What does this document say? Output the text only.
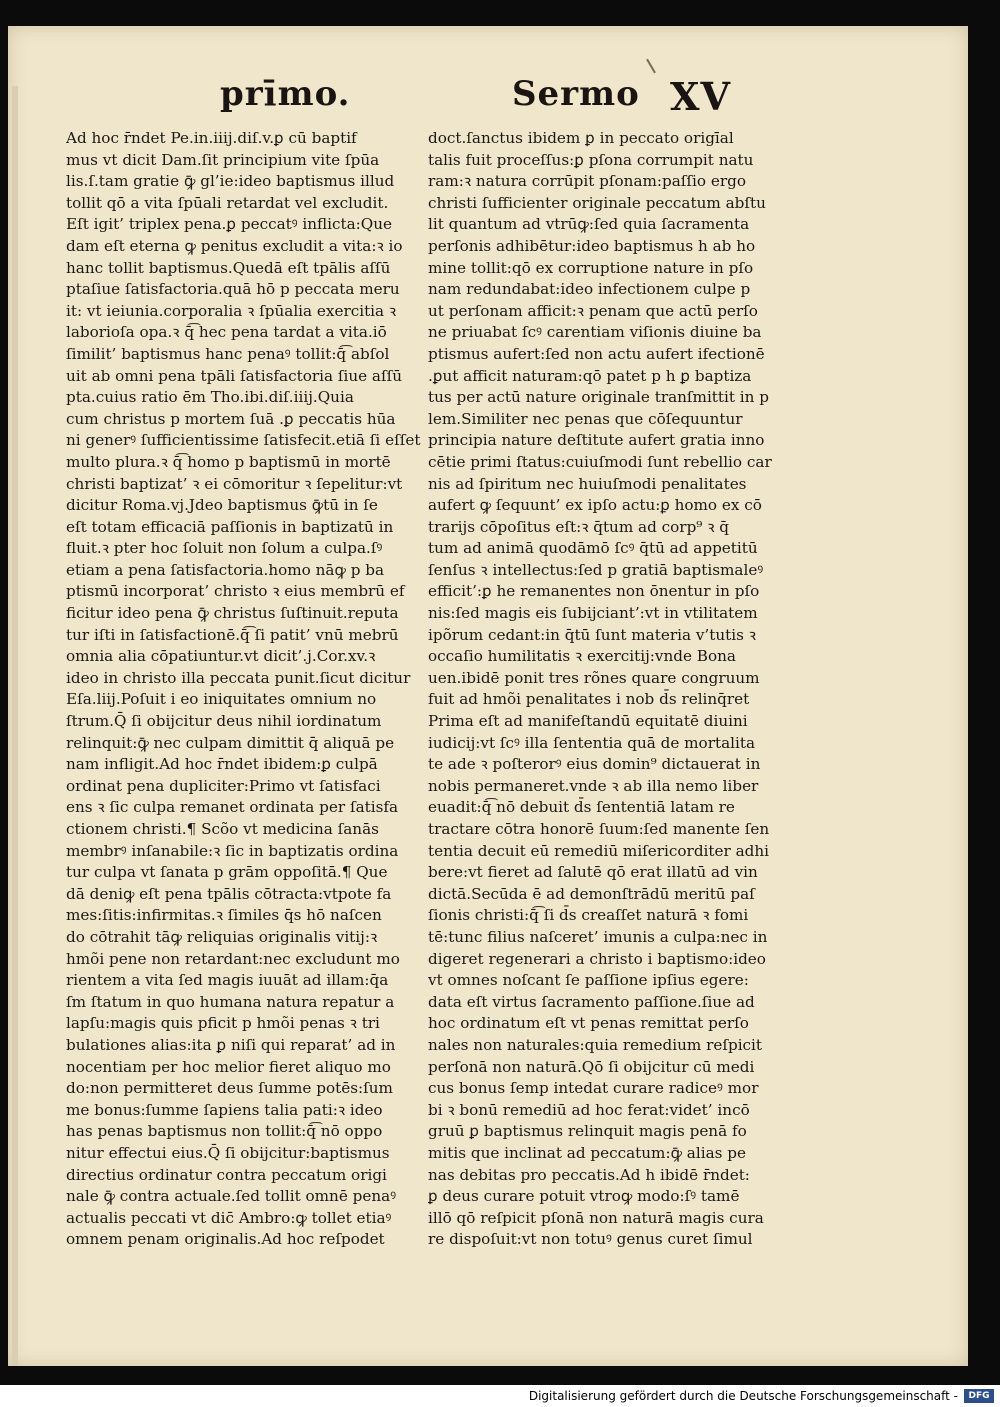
prīmo.	Sermo XV
Ad hoc r̄ndet Pe.in.iiij.diſ.v.ꝑ cū baptif
mus vt dicit Dam.ſit principium vite ſpūa
lis.ſ.tam gratie ꝙ̄ gl’ie:ideo baptismus illud
tollit qō a vita ſpūali retardat vel excludit.
Eſt igit’ triplex pena.ꝑ peccatꝰ inflicta:Que
dam eſt eterna ꝙ penitus excludit a vita:ꝛ io
hanc tollit baptismus.Quedā eſt tpālis aſſū
ptaſiue ſatisfactoria.quā hō p peccata meru
it: vt ieiunia.corporalia ꝛ ſpūalia exercitia ꝛ
laborioſa opa.ꝛ q̄͡ hec pena tardat a vita.iō
ſimilit’ baptismus hanc penaꝰ tollit:q̄͡ abſol
uit ab omni pena tpāli ſatisfactoria ſiue aſſū
pta.cuius ratio ēm Tho.ibi.diſ.iiij.Quia
cum christus p mortem ſuā .ꝑ peccatis hūa
ni generꝰ ſufficientissime ſatisfecit.etiā ſi eſſet
multo plura.ꝛ q̄͡ homo p baptismū in mortē
christi baptizat’ ꝛ ei cōmoritur ꝛ ſepelitur:vt
dicitur Roma.vj.Jdeo baptismus ꝙ̄tū in ſe
eſt totam efficaciā paſſionis in baptizatū in
fluit.ꝛ pter hoc ſoluit non ſolum a culpa.ſꝰ
etiam a pena ſatisfactoria.homo nāꝙ p ba
ptismū incorporat’ christo ꝛ eius membrū ef
ficitur ideo pena ꝙ̄ christus ſuſtinuit.reputa
tur iſti in ſatisfactionē.q̄͡ ſi patit’ vnū mebrū
omnia alia cōpatiuntur.vt dicit’.j.Cor.xv.ꝛ
ideo in christo illa peccata punit.ſicut dicitur
Eſa.liij.Poſuit i eo iniquitates omnium no
ſtrum.Q̄ ſi obijcitur deus nihil iordinatum
relinquit:ꝙ̄ nec culpam dimittit q̄̄ aliquā pe
nam infligit.Ad hoc r̄ndet ibidem:ꝑ culpā
ordinat pena dupliciter:Primo vt ſatisfaci
ens ꝛ ſic culpa remanet ordinata per ſatisfa
ctionem christi.¶ Scõo vt medicina ſanās
membrꝰ inſanabile:ꝛ ſic in baptizatis ordina
tur culpa vt ſanata p grām oppoſitā.¶ Que
dā deniꝙ eſt pena tpālis cōtracta:vtpote fa
mes:ſitis:infirmitas.ꝛ ſimiles q̄s hō naſcen
do cōtrahit tāꝙ reliquias originalis vitij:ꝛ
hmõi pene non retardant:nec excludunt mo
rientem a vita ſed magis iuuāt ad illam:q̄a
ſm ſtatum in quo humana natura repatur a
lapſu:magis quis pficit p hmõi penas ꝛ tri
bulationes alias:ita ꝑ niſi qui reparat’ ad in
nocentiam per hoc melior fieret aliquo mo
do:non permitteret deus ſumme potēs:ſum
me bonus:ſumme ſapiens talia pati:ꝛ ideo
has penas baptismus non tollit:q̄͡ nō oppo
nitur effectui eius.Q̄ ſi obijcitur:baptismus
directius ordinatur contra peccatum origi
nale ꝙ̄ contra actuale.ſed tollit omnē penaꝰ
actualis peccati vt dic̄ Ambro:ꝙ tollet etiaꝰ
omnem penam originalis.Ad hoc reſpodet
doct.ſanctus ibidem ꝑ in peccato origīal
talis fuit proceſſus:ꝑ pſona corrumpit natu
ram:ꝛ natura corrūpit pſonam:paſſio ergo
christi ſufficienter originale peccatum abſtu
lit quantum ad vtrūꝙ:ſed quia ſacramenta
perſonis adhibētur:ideo baptismus h ab ho
mine tollit:qō ex corruptione nature in pſo
nam redundabat:ideo infectionem culpe p
ut perſonam afficit:ꝛ penam que actū perſo
ne priuabat ſcꝰ carentiam viſionis diuine ba
ptismus aufert:ſed non actu aufert ifectionē
.ꝑut afficit naturam:qō patet p h ꝑ baptiza
tus per actū nature originale tranſmittit in p
lem.Similiter nec penas que cōſequuntur
principia nature deſtitute aufert gratia inno
cētie primi ſtatus:cuiuſmodi ſunt rebellio car
nis ad ſpiritum nec huiuſmodi penalitates
aufert ꝙ ſequunt’ ex ipſo actu:ꝑ homo ex cō
trarijs cōpoſitus eſt:ꝛ q̄tum ad corp⁹ ꝛ q̄
tum ad animā quodāmō ſcꝰ q̄tū ad appetitū
ſenſus ꝛ intellectus:ſed p gratiā baptismaleꝰ
efficit’:ꝑ he remanentes non ōnentur in pſo
nis:ſed magis eis ſubijciant’:vt in vtilitatem
ipõrum cedant:in q̄tū ſunt materia v’tutis ꝛ
occaſio humilitatis ꝛ exercitij:vnde Bona
uen.ibidē ponit tres rõnes quare congruum
fuit ad hmõi penalitates i nob d̄s relinq̄ret
Prima eſt ad manifeſtandū equitatē diuini
iudicij:vt ſcꝰ illa ſententia quā de mortalita
te ade ꝛ poſterorꝰ eius domin⁹ dictauerat in
nobis permaneret.vnde ꝛ ab illa nemo liber
euadit:q̄͡ nō debuit d̄s ſententiā latam re
tractare cōtra honorē ſuum:ſed manente ſen
tentia decuit eū remediū miſericorditer adhi
bere:vt fieret ad ſalutē qō erat illatū ad vin
dictā.Secūda ē ad demonſtrādū meritū paſ
ſionis christi:q̄͡ ſi d̄s creaſſet naturā ꝛ fomi
tē:tunc filius naſceret’ imunis a culpa:nec in
digeret regenerari a christo i baptismo:ideo
vt omnes noſcant ſe paſſione ipſius egere:
data eſt virtus ſacramento paſſione.ſiue ad
hoc ordinatum eſt vt penas remittat perſo
nales non naturales:quia remedium reſpicit
perſonā non naturā.Qō ſi obijcitur cū medi
cus bonus ſemp intedat curare radiceꝰ mor
bi ꝛ bonū remediū ad hoc ferat:videt’ incō
gruū ꝑ baptismus relinquit magis penā fo
mitis que inclinat ad peccatum:ꝙ̄ alias pe
nas debitas pro peccatis.Ad h ibidē r̄ndet:
ꝑ deus curare potuit vtroꝙ modo:ſꝰ tamē
illō qō reſpicit pſonā non naturā magis cura
re dispoſuit:vt non totuꝰ genus curet ſimul
Digitalisierung gefördert durch die Deutsche Forschungsgemeinschaft -	DFG
